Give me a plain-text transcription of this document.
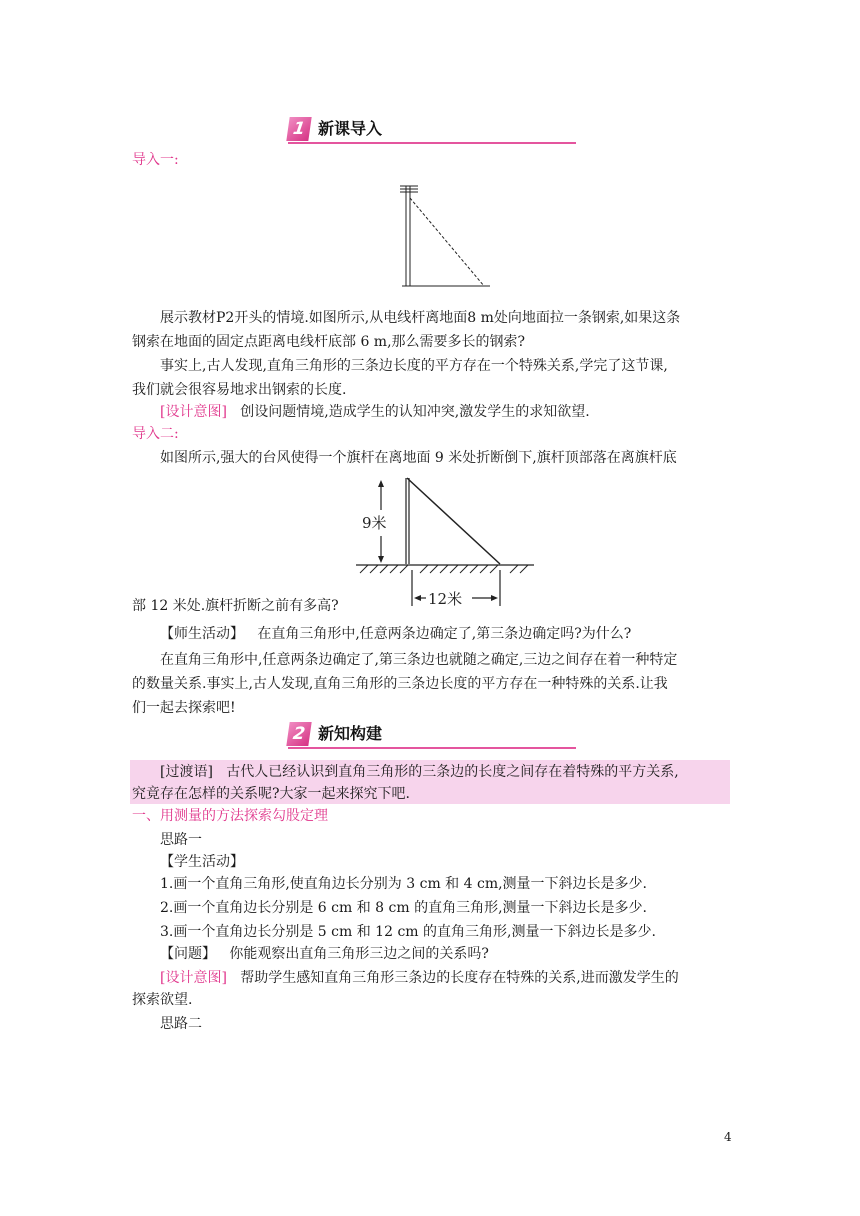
1 新课导入
导入一:
展示教材P2开头的情境.如图所示,从电线杆离地面8 m处向地面拉一条钢索,如果这条
钢索在地面的固定点距离电线杆底部 6 m,那么需要多长的钢索?
事实上,古人发现,直角三角形的三条边长度的平方存在一个特殊关系,学完了这节课,
我们就会很容易地求出钢索的长度.
[设计意图] 创设问题情境,造成学生的认知冲突,激发学生的求知欲望.
导入二:
如图所示,强大的台风使得一个旗杆在离地面 9 米处折断倒下,旗杆顶部落在离旗杆底
9米
12米
部 12 米处.旗杆折断之前有多高?
【师生活动】 在直角三角形中,任意两条边确定了,第三条边确定吗?为什么?
在直角三角形中,任意两条边确定了,第三条边也就随之确定,三边之间存在着一种特定
的数量关系.事实上,古人发现,直角三角形的三条边长度的平方存在一种特殊的关系.让我
们一起去探索吧!
2 新知构建
[过渡语] 古代人已经认识到直角三角形的三条边的长度之间存在着特殊的平方关系,
究竟存在怎样的关系呢?大家一起来探究下吧.
一、用测量的方法探索勾股定理
思路一
【学生活动】
1.画一个直角三角形,使直角边长分别为 3 cm 和 4 cm,测量一下斜边长是多少.
2.画一个直角边长分别是 6 cm 和 8 cm 的直角三角形,测量一下斜边长是多少.
3.画一个直角边长分别是 5 cm 和 12 cm 的直角三角形,测量一下斜边长是多少.
【问题】 你能观察出直角三角形三边之间的关系吗?
[设计意图] 帮助学生感知直角三角形三条边的长度存在特殊的关系,进而激发学生的
探索欲望.
思路二
4
